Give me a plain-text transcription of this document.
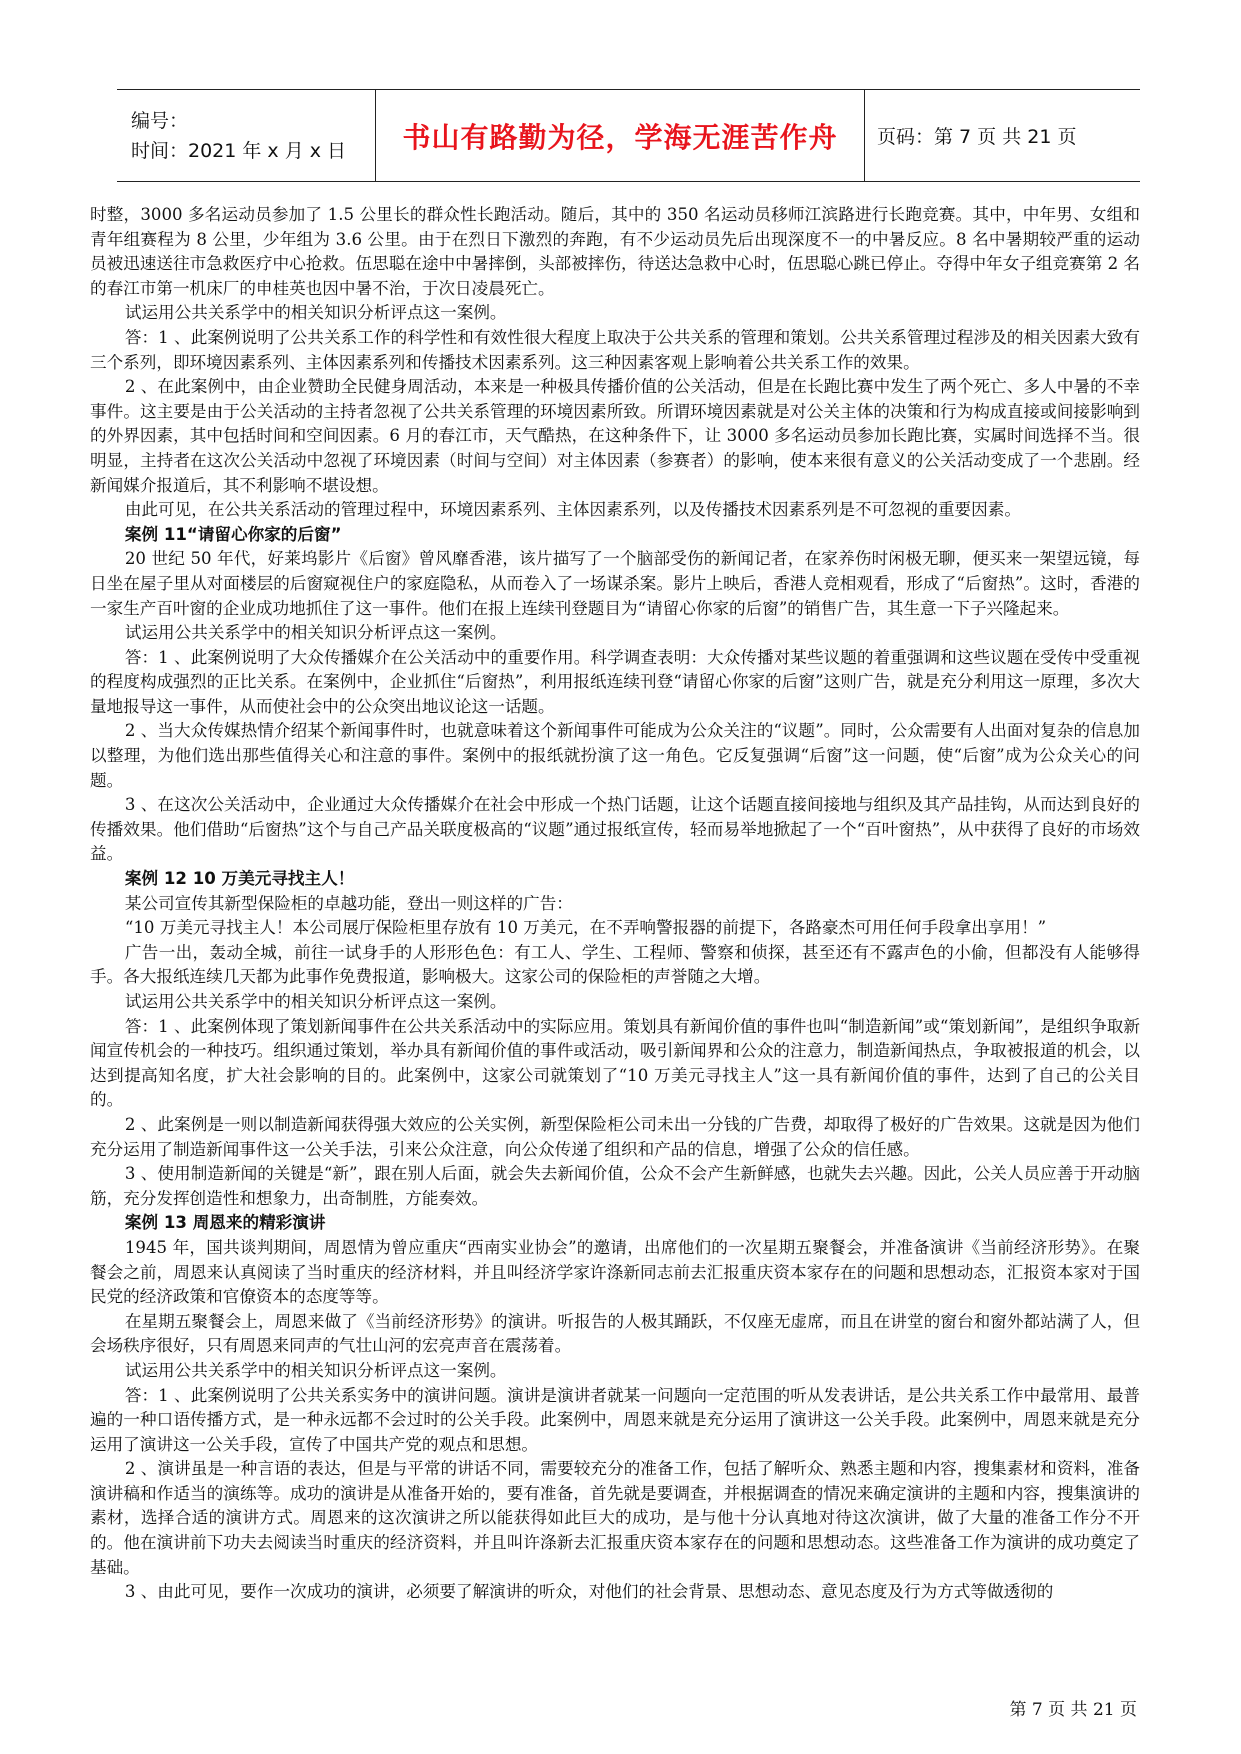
编号：
时间：2021 年 x 月 x 日	书山有路勤为径，学海无涯苦作舟 页码：第 7 页 共 21 页

时整，3000 多名运动员参加了 1.5 公里长的群众性长跑活动。随后，其中的 350 名运动员移师江滨路进行长跑竞赛。其中，中年男、女组和青年组赛程为 8 公里，少年组为 3.6 公里。由于在烈日下激烈的奔跑，有不少运动员先后出现深度不一的中暑反应。8 名中暑期较严重的运动员被迅速送往市急救医疗中心抢救。伍思聪在途中中暑摔倒，头部被摔伤，待送达急救中心时，伍思聪心跳已停止。夺得中年女子组竞赛第 2 名的春江市第一机床厂的申桂英也因中暑不治，于次日凌晨死亡。

试运用公共关系学中的相关知识分析评点这一案例。

答：1 、此案例说明了公共关系工作的科学性和有效性很大程度上取决于公共关系的管理和策划。公共关系管理过程涉及的相关因素大致有三个系列，即环境因素系列、主体因素系列和传播技术因素系列。这三种因素客观上影响着公共关系工作的效果。

2 、在此案例中，由企业赞助全民健身周活动，本来是一种极具传播价值的公关活动，但是在长跑比赛中发生了两个死亡、多人中暑的不幸事件。这主要是由于公关活动的主持者忽视了公共关系管理的环境因素所致。所谓环境因素就是对公关主体的决策和行为构成直接或间接影响到的外界因素，其中包括时间和空间因素。6 月的春江市，天气酷热，在这种条件下，让 3000 多名运动员参加长跑比赛，实属时间选择不当。很明显，主持者在这次公关活动中忽视了环境因素（时间与空间）对主体因素（参赛者）的影响，使本来很有意义的公关活动变成了一个悲剧。经新闻媒介报道后，其不利影响不堪设想。

由此可见，在公共关系活动的管理过程中，环境因素系列、主体因素系列，以及传播技术因素系列是不可忽视的重要因素。

案例 11“请留心你家的后窗”

20 世纪 50 年代，好莱坞影片《后窗》曾风靡香港，该片描写了一个脑部受伤的新闻记者，在家养伤时闲极无聊，便买来一架望远镜，每日坐在屋子里从对面楼层的后窗窥视住户的家庭隐私，从而卷入了一场谋杀案。影片上映后，香港人竞相观看，形成了“后窗热”。这时，香港的一家生产百叶窗的企业成功地抓住了这一事件。他们在报上连续刊登题目为“请留心你家的后窗”的销售广告，其生意一下子兴隆起来。

试运用公共关系学中的相关知识分析评点这一案例。

答：1 、此案例说明了大众传播媒介在公关活动中的重要作用。科学调查表明：大众传播对某些议题的着重强调和这些议题在受传中受重视的程度构成强烈的正比关系。在案例中，企业抓住“后窗热”，利用报纸连续刊登“请留心你家的后窗”这则广告，就是充分利用这一原理，多次大量地报导这一事件，从而使社会中的公众突出地议论这一话题。

2 、当大众传媒热情介绍某个新闻事件时，也就意味着这个新闻事件可能成为公众关注的“议题”。同时，公众需要有人出面对复杂的信息加以整理，为他们选出那些值得关心和注意的事件。案例中的报纸就扮演了这一角色。它反复强调“后窗”这一问题，使“后窗”成为公众关心的问题。

3 、在这次公关活动中，企业通过大众传播媒介在社会中形成一个热门话题，让这个话题直接间接地与组织及其产品挂钩，从而达到良好的传播效果。他们借助“后窗热”这个与自己产品关联度极高的“议题”通过报纸宣传，轻而易举地掀起了一个“百叶窗热”，从中获得了良好的市场效益。

案例 12 10 万美元寻找主人！

某公司宣传其新型保险柜的卓越功能，登出一则这样的广告：

“10 万美元寻找主人！本公司展厅保险柜里存放有 10 万美元，在不弄响警报器的前提下，各路豪杰可用任何手段拿出享用！”

广告一出，轰动全城，前往一试身手的人形形色色：有工人、学生、工程师、警察和侦探，甚至还有不露声色的小偷，但都没有人能够得手。各大报纸连续几天都为此事作免费报道，影响极大。这家公司的保险柜的声誉随之大增。

试运用公共关系学中的相关知识分析评点这一案例。

答：1 、此案例体现了策划新闻事件在公共关系活动中的实际应用。策划具有新闻价值的事件也叫“制造新闻”或“策划新闻”，是组织争取新闻宣传机会的一种技巧。组织通过策划，举办具有新闻价值的事件或活动，吸引新闻界和公众的注意力，制造新闻热点，争取被报道的机会，以达到提高知名度，扩大社会影响的目的。此案例中，这家公司就策划了“10 万美元寻找主人”这一具有新闻价值的事件，达到了自己的公关目的。

2 、此案例是一则以制造新闻获得强大效应的公关实例，新型保险柜公司未出一分钱的广告费，却取得了极好的广告效果。这就是因为他们充分运用了制造新闻事件这一公关手法，引来公众注意，向公众传递了组织和产品的信息，增强了公众的信任感。

3 、使用制造新闻的关键是“新”，跟在别人后面，就会失去新闻价值，公众不会产生新鲜感，也就失去兴趣。因此，公关人员应善于开动脑筋，充分发挥创造性和想象力，出奇制胜，方能奏效。

案例 13 周恩来的精彩演讲

1945 年，国共谈判期间，周恩情为曾应重庆“西南实业协会”的邀请，出席他们的一次星期五聚餐会，并准备演讲《当前经济形势》。在聚餐会之前，周恩来认真阅读了当时重庆的经济材料，并且叫经济学家许涤新同志前去汇报重庆资本家存在的问题和思想动态，汇报资本家对于国民党的经济政策和官僚资本的态度等等。

在星期五聚餐会上，周恩来做了《当前经济形势》的演讲。听报告的人极其踊跃，不仅座无虚席，而且在讲堂的窗台和窗外都站满了人，但会场秩序很好，只有周恩来同声的气壮山河的宏亮声音在震荡着。

试运用公共关系学中的相关知识分析评点这一案例。

答：1 、此案例说明了公共关系实务中的演讲问题。演讲是演讲者就某一问题向一定范围的听从发表讲话，是公共关系工作中最常用、最普遍的一种口语传播方式，是一种永远都不会过时的公关手段。此案例中，周恩来就是充分运用了演讲这一公关手段。此案例中，周恩来就是充分运用了演讲这一公关手段，宣传了中国共产党的观点和思想。

2 、演讲虽是一种言语的表达，但是与平常的讲话不同，需要较充分的准备工作，包括了解听众、熟悉主题和内容，搜集素材和资料，准备演讲稿和作适当的演练等。成功的演讲是从准备开始的，要有准备，首先就是要调查，并根据调查的情况来确定演讲的主题和内容，搜集演讲的素材，选择合适的演讲方式。周恩来的这次演讲之所以能获得如此巨大的成功，是与他十分认真地对待这次演讲，做了大量的准备工作分不开的。他在演讲前下功夫去阅读当时重庆的经济资料，并且叫许涤新去汇报重庆资本家存在的问题和思想动态。这些准备工作为演讲的成功奠定了基础。

3 、由此可见，要作一次成功的演讲，必须要了解演讲的听众，对他们的社会背景、思想动态、意见态度及行为方式等做透彻的

第 7 页 共 21 页
